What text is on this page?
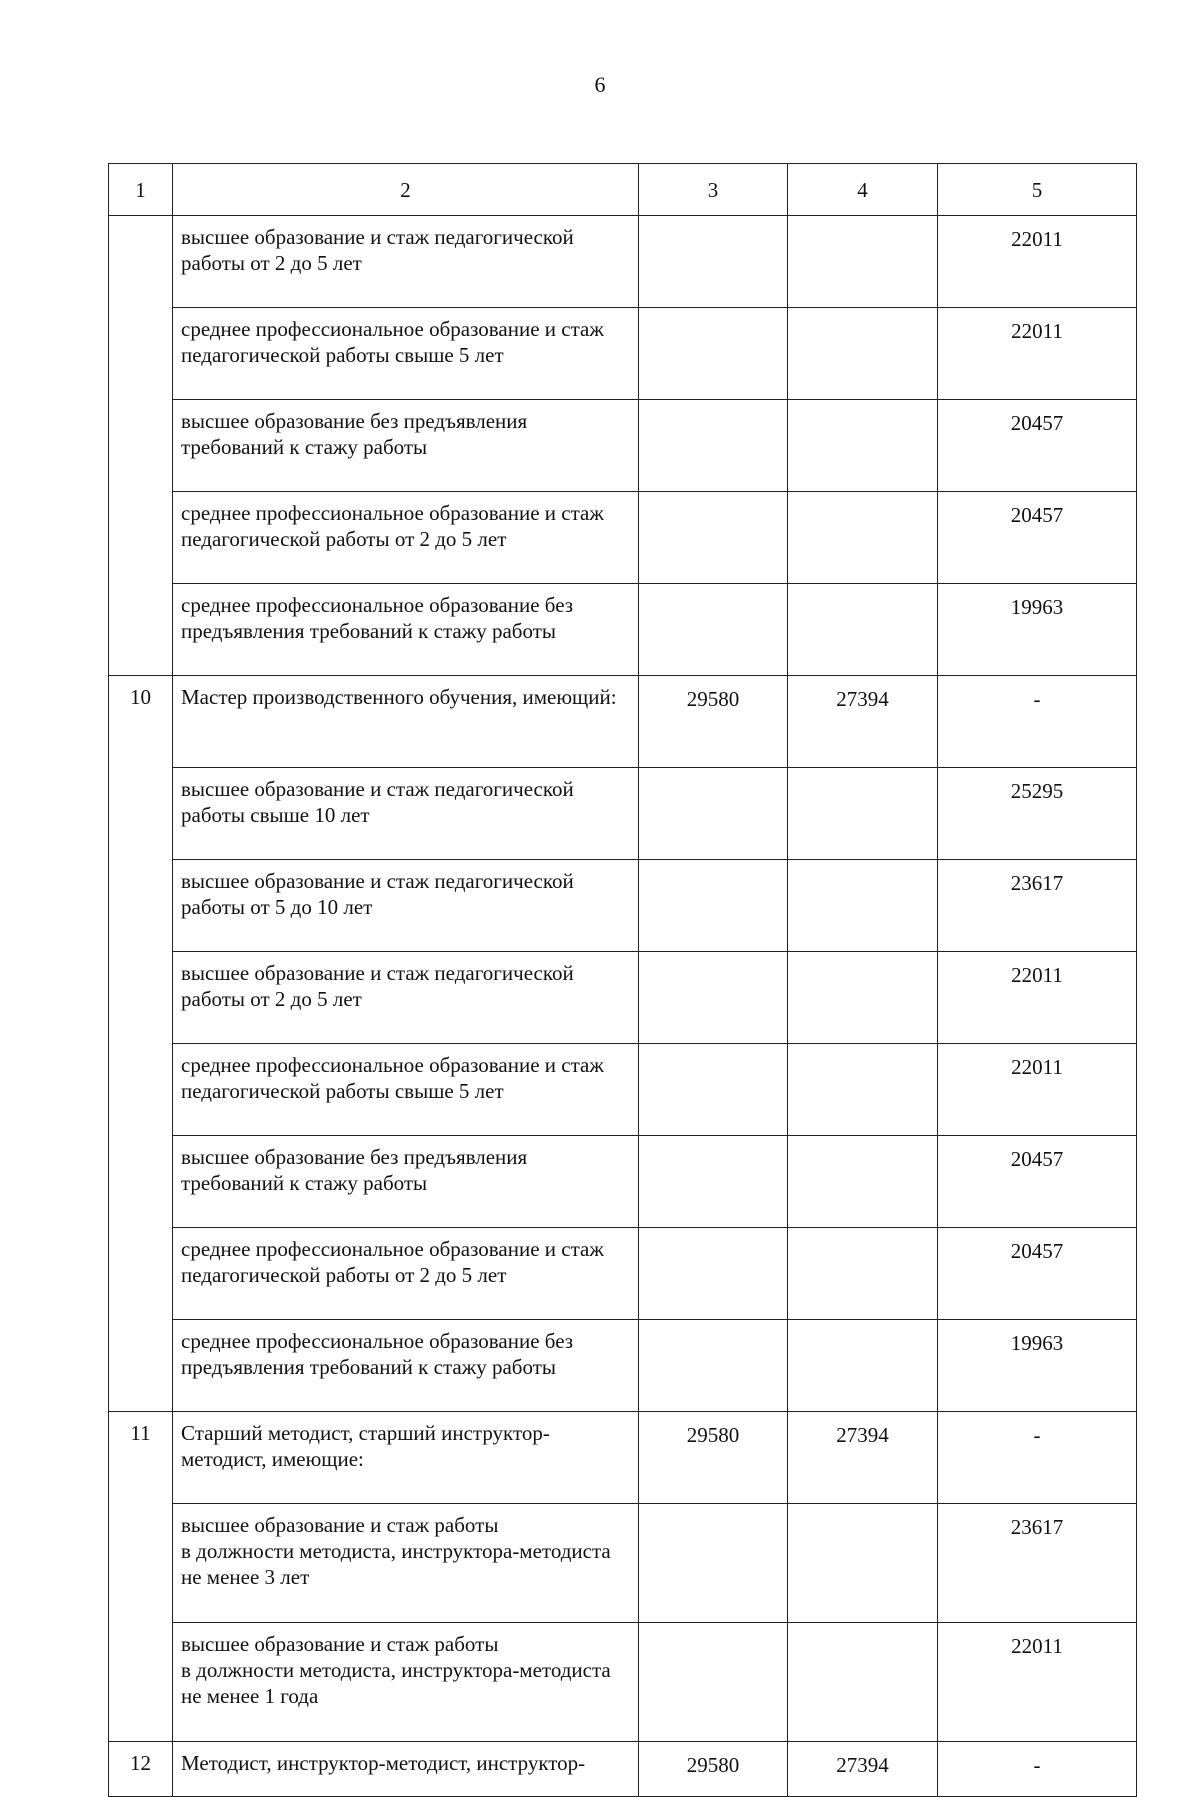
6
1	2	3	4	5
	высшее образование и стаж педагогической работы от 2 до 5 лет			22011
	среднее профессиональное образование и стаж педагогической работы свыше 5 лет			22011
	высшее образование без предъявления требований к стажу работы			20457
	среднее профессиональное образование и стаж педагогической работы от 2 до 5 лет			20457
	среднее профессиональное образование без предъявления требований к стажу работы			19963
10	Мастер производственного обучения, имеющий:	29580	27394	-
	высшее образование и стаж педагогической работы свыше 10 лет			25295
	высшее образование и стаж педагогической работы от 5 до 10 лет			23617
	высшее образование и стаж педагогической работы от 2 до 5 лет			22011
	среднее профессиональное образование и стаж педагогической работы свыше 5 лет			22011
	высшее образование без предъявления требований к стажу работы			20457
	среднее профессиональное образование и стаж педагогической работы от 2 до 5 лет			20457
	среднее профессиональное образование без предъявления требований к стажу работы			19963
11	Старший методист, старший инструктор-методист, имеющие:	29580	27394	-

	высшее образование и стаж работы
в должности методиста, инструктора-методиста не менее 3 лет			23617

	высшее образование и стаж работы
в должности методиста, инструктора-методиста не менее 1 года			22011
12	Методист, инструктор-методист, инструктор-	29580	27394	-
